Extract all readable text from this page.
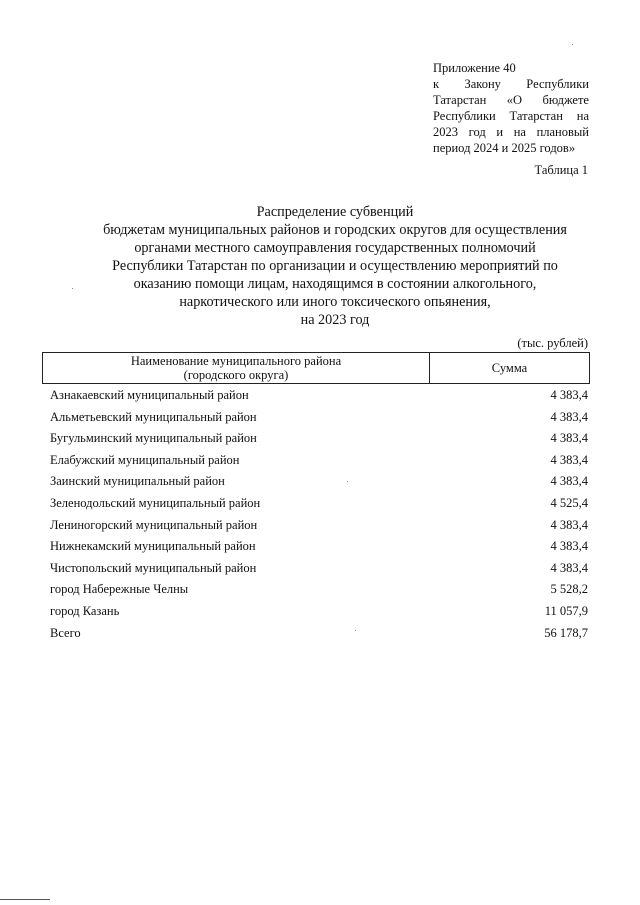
Приложение 40
к Закону Республики
Татарстан «О бюджете
Республики Татарстан на
2023 год и на плановый
период 2024 и 2025 годов»
Таблица 1
Распределение субвенций
бюджетам муниципальных районов и городских округов для осуществления
органами местного самоуправления государственных полномочий
Республики Татарстан по организации и осуществлению мероприятий по
оказанию помощи лицам, находящимся в состоянии алкогольного,
наркотического или иного токсического опьянения,
на 2023 год
(тыс. рублей)
Наименование муниципального района
(городского округа)	Сумма
Азнакаевский муниципальный район	4 383,4
Альметьевский муниципальный район	4 383,4
Бугульминский муниципальный район	4 383,4
Елабужский муниципальный район	4 383,4
Заинский муниципальный район	4 383,4
Зеленодольский муниципальный район	4 525,4
Лениногорский муниципальный район	4 383,4
Нижнекамский муниципальный район	4 383,4
Чистопольский муниципальный район	4 383,4
город Набережные Челны	5 528,2
город Казань	11 057,9
Всего	56 178,7
